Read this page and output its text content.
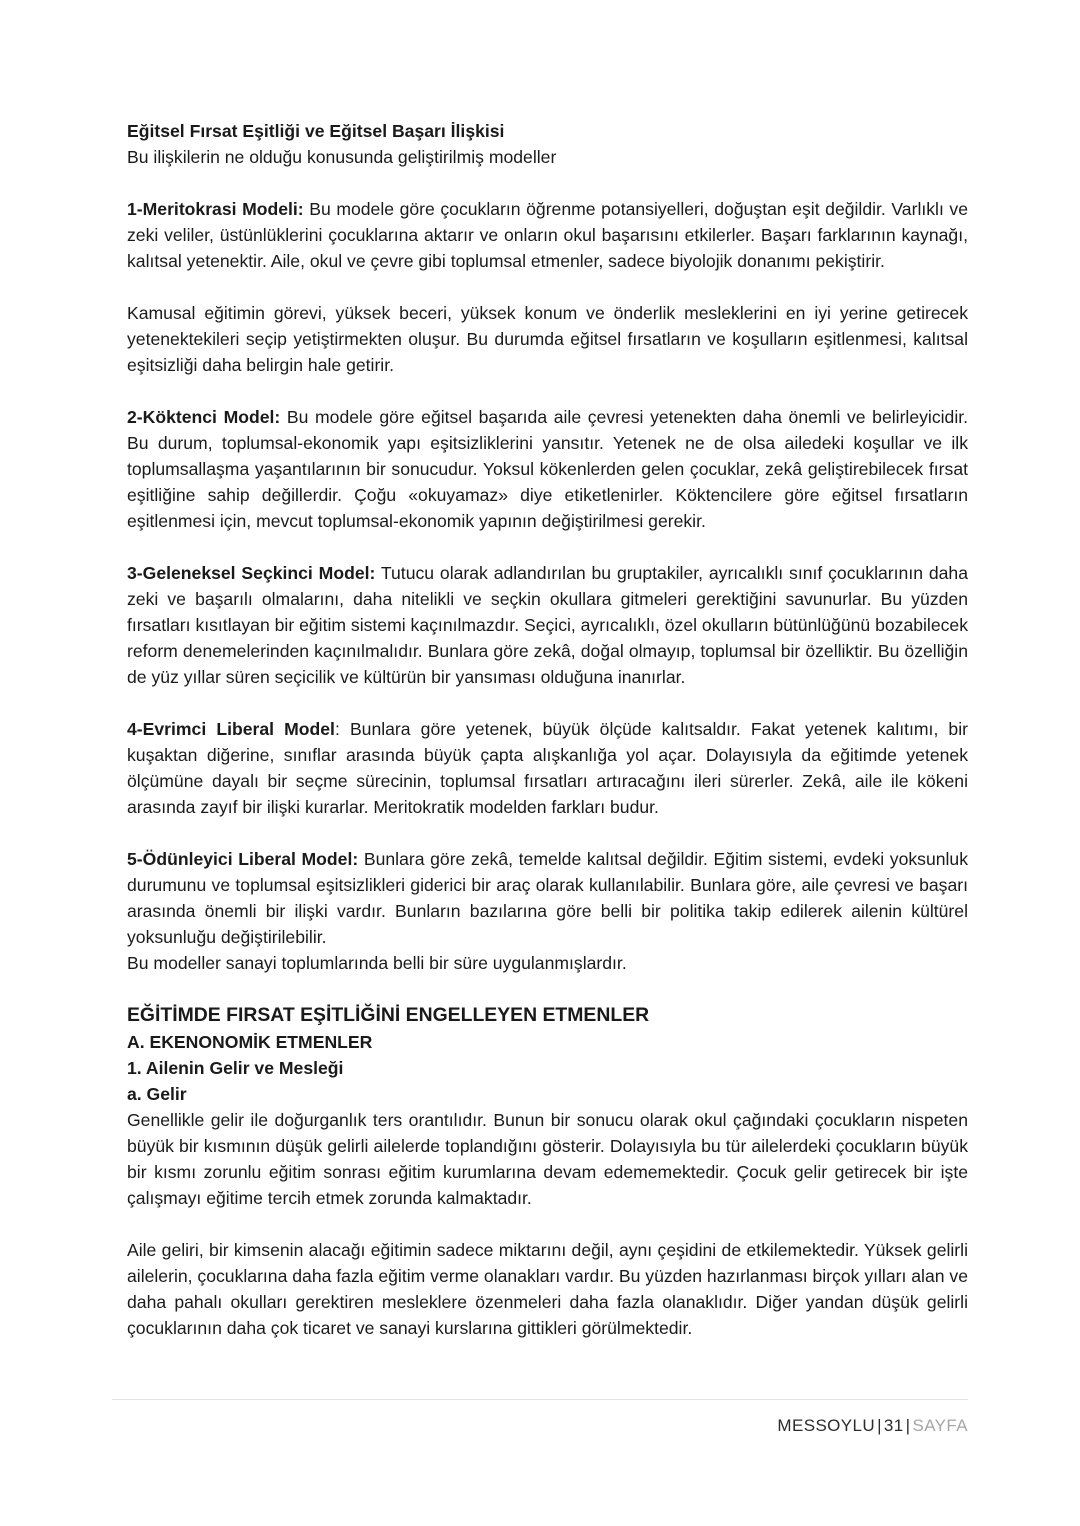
Eğitsel Fırsat Eşitliği ve Eğitsel Başarı İlişkisi
Bu ilişkilerin ne olduğu konusunda geliştirilmiş modeller

1-Meritokrasi Modeli: Bu modele göre çocukların öğrenme potansiyelleri, doğuştan eşit değildir. Varlıklı ve zeki veliler, üstünlüklerini çocuklarına aktarır ve onların okul başarısını etkilerler. Başarı farklarının kaynağı, kalıtsal yetenektir. Aile, okul ve çevre gibi toplumsal etmenler, sadece biyolojik donanımı pekiştirir.

Kamusal eğitimin görevi, yüksek beceri, yüksek konum ve önderlik mesleklerini en iyi yerine getirecek yetenektekileri seçip yetiştirmekten oluşur. Bu durumda eğitsel fırsatların ve koşulların eşitlenmesi, kalıtsal eşitsizliği daha belirgin hale getirir.

2-Köktenci Model: Bu modele göre eğitsel başarıda aile çevresi yetenekten daha önemli ve belirleyicidir. Bu durum, toplumsal-ekonomik yapı eşitsizliklerini yansıtır. Yetenek ne de olsa ailedeki koşullar ve ilk toplumsallaşma yaşantılarının bir sonucudur. Yoksul kökenlerden gelen çocuklar, zekâ geliştirebilecek fırsat eşitliğine sahip değillerdir. Çoğu «okuyamaz» diye etiketlenirler. Köktencilere göre eğitsel fırsatların eşitlenmesi için, mevcut toplumsal-ekonomik yapının değiştirilmesi gerekir.

3-Geleneksel Seçkinci Model: Tutucu olarak adlandırılan bu gruptakiler, ayrıcalıklı sınıf çocuklarının daha zeki ve başarılı olmalarını, daha nitelikli ve seçkin okullara gitmeleri gerektiğini savunurlar. Bu yüzden fırsatları kısıtlayan bir eğitim sistemi kaçınılmazdır. Seçici, ayrıcalıklı, özel okulların bütünlüğünü bozabilecek reform denemelerinden kaçınılmalıdır. Bunlara göre zekâ, doğal olmayıp, toplumsal bir özelliktir. Bu özelliğin de yüz yıllar süren seçicilik ve kültürün bir yansıması olduğuna inanırlar.

4-Evrimci Liberal Model: Bunlara göre yetenek, büyük ölçüde kalıtsaldır. Fakat yetenek kalıtımı, bir kuşaktan diğerine, sınıflar arasında büyük çapta alışkanlığa yol açar. Dolayısıyla da eğitimde yetenek ölçümüne dayalı bir seçme sürecinin, toplumsal fırsatları artıracağını ileri sürerler. Zekâ, aile ile kökeni arasında zayıf bir ilişki kurarlar. Meritokratik modelden farkları budur.

5-Ödünleyici Liberal Model: Bunlara göre zekâ, temelde kalıtsal değildir. Eğitim sistemi, evdeki yoksunluk durumunu ve toplumsal eşitsizlikleri giderici bir araç olarak kullanılabilir. Bunlara göre, aile çevresi ve başarı arasında önemli bir ilişki vardır. Bunların bazılarına göre belli bir politika takip edilerek ailenin kültürel yoksunluğu değiştirilebilir.

Bu modeller sanayi toplumlarında belli bir süre uygulanmışlardır.
EĞİTİMDE FIRSAT EŞİTLİĞİNİ ENGELLEYEN ETMENLER
A. EKENONOMİK ETMENLER
1. Ailenin Gelir ve Mesleği
a. Gelir

Genellikle gelir ile doğurganlık ters orantılıdır. Bunun bir sonucu olarak okul çağındaki çocukların nispeten büyük bir kısmının düşük gelirli ailelerde toplandığını gösterir. Dolayısıyla bu tür ailelerdeki çocukların büyük bir kısmı zorunlu eğitim sonrası eğitim kurumlarına devam edememektedir. Çocuk gelir getirecek bir işte çalışmayı eğitime tercih etmek zorunda kalmaktadır.

Aile geliri, bir kimsenin alacağı eğitimin sadece miktarını değil, aynı çeşidini de etkilemektedir. Yüksek gelirli ailelerin, çocuklarına daha fazla eğitim verme olanakları vardır. Bu yüzden hazırlanması birçok yılları alan ve daha pahalı okulları gerektiren mesleklere özenmeleri daha fazla olanaklıdır. Diğer yandan düşük gelirli çocuklarının daha çok ticaret ve sanayi kurslarına gittikleri görülmektedir.

MESSOYLU | 31 | SAYFA
